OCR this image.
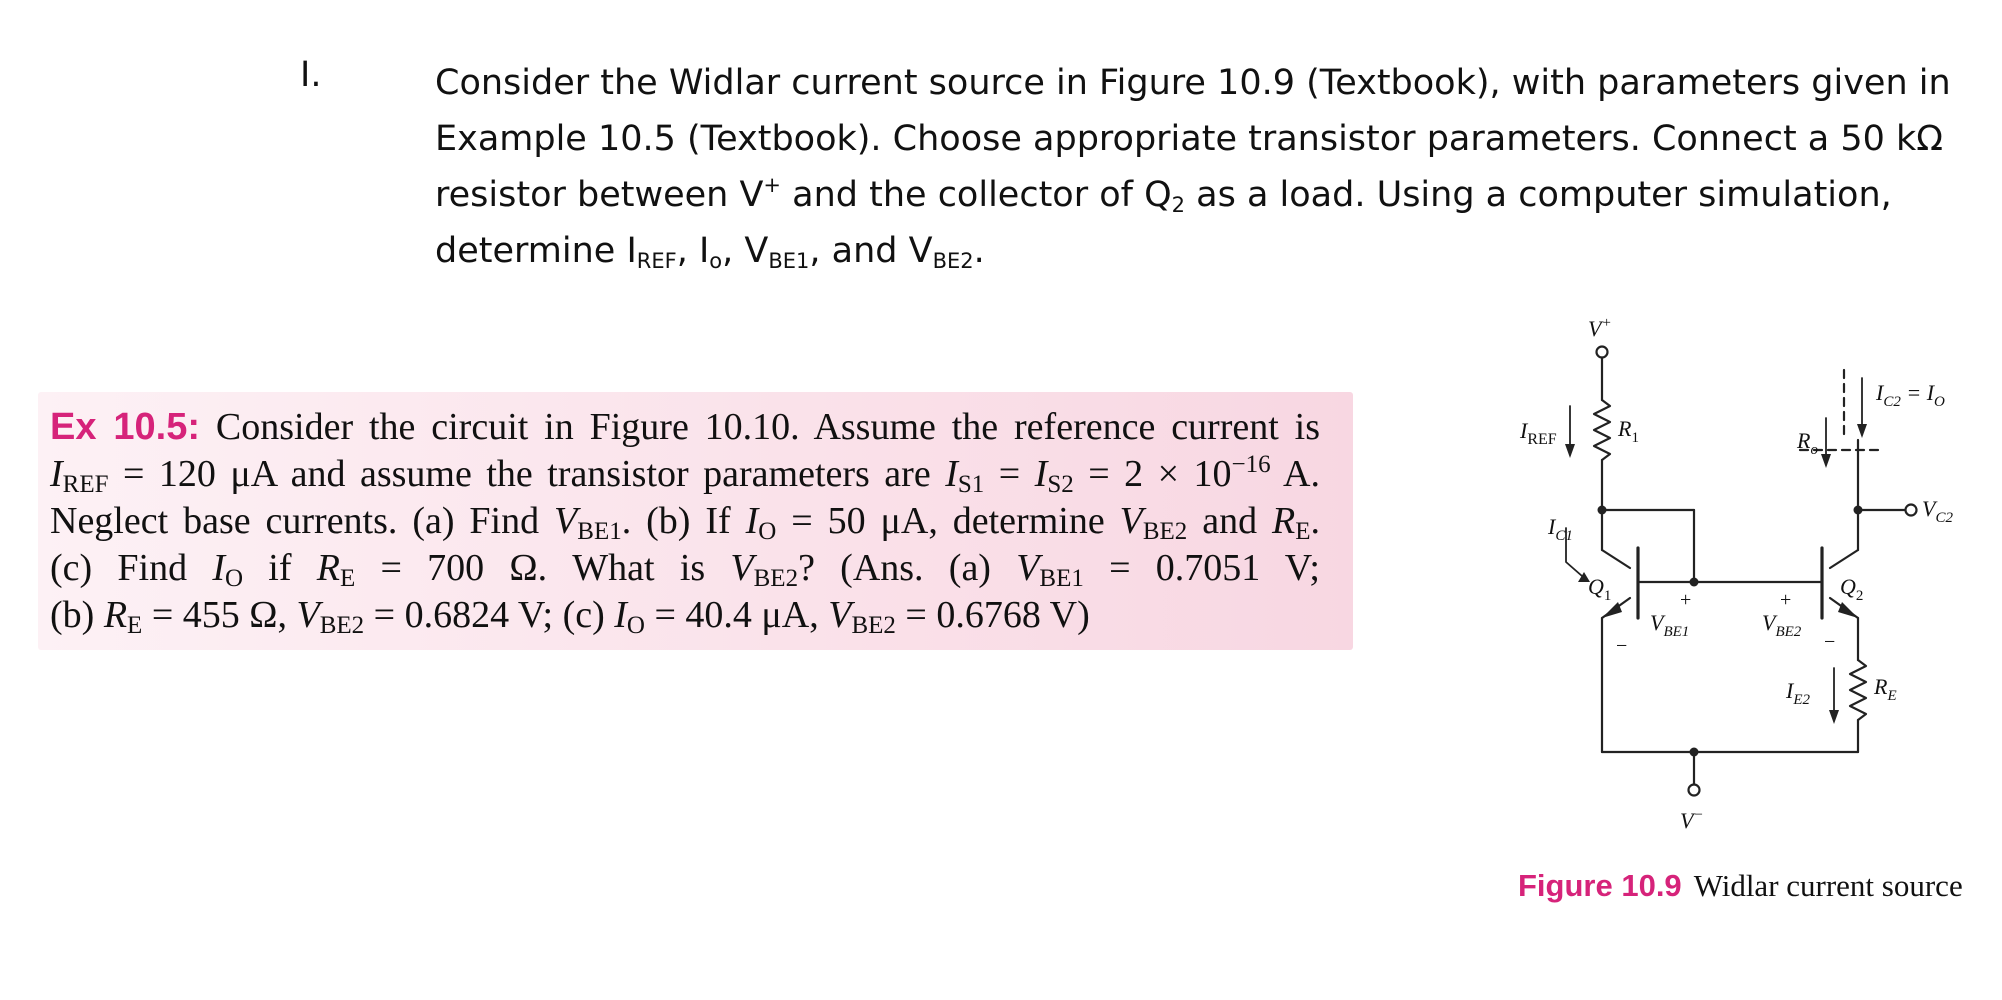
I.	Consider the Widlar current source in Figure 10.9 (Textbook), with parameters given in
Example 10.5 (Textbook). Choose appropriate transistor parameters. Connect a 50 kΩ
resistor between V+ and the collector of $Q_2$ as a load. Using a computer simulation,
determine $I_{REF}$, $I_o$, $V_{BE1}$, and $V_{BE2}$.
Ex 10.5: Consider the circuit in Figure 10.10. Assume the reference current is
$I_{REF} = 120$ μA and assume the transistor parameters are $I_{S1} = I_{S2} = 2 \times 10^{-16}$ A.
Neglect base currents. (a) Find $V_{BE1}$. (b) If $I_O = 50$ μA, determine $V_{BE2}$ and $R_E$.
(c) Find $I_O$ if $R_E = 700$ Ω. What is $V_{BE2}$? (Ans. (a) $V_{BE1} = 0.7051$ V;
(b) $R_E = 455$ Ω, $V_{BE2} = 0.6824$ V; (c) $I_O = 40.4$ μA, $V_{BE2} = 0.6768$ V)
V+
$I_{REF}$	$R_1$
$I_{C1}$
$Q_1$	+
$V_{BE1}$
−
+
$V_{BE2}$ −
$Q_2$
$R_o$
$I_{C2} = I_O$
$V_{C2}$
$I_{E2}$
$R_E$
V−
Figure 10.9 Widlar current source
